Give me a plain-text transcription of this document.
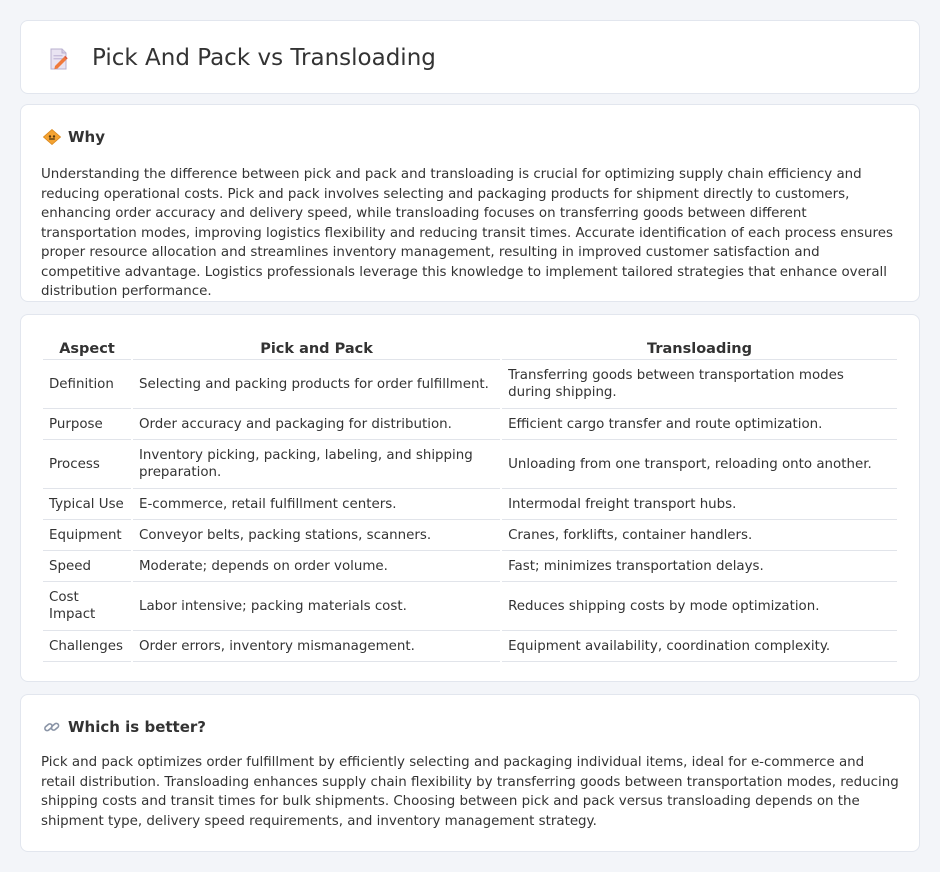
Pick And Pack vs Transloading
Why

Understanding the difference between pick and pack and transloading is crucial for optimizing supply chain efficiency and reducing operational costs. Pick and pack involves selecting and packaging products for shipment directly to customers, enhancing order accuracy and delivery speed, while transloading focuses on transferring goods between different transportation modes, improving logistics flexibility and reducing transit times. Accurate identification of each process ensures proper resource allocation and streamlines inventory management, resulting in improved customer satisfaction and competitive advantage. Logistics professionals leverage this knowledge to implement tailored strategies that enhance overall distribution performance.

Aspect	Pick and Pack	Transloading
Definition	Selecting and packing products for order fulfillment.	Transferring goods between transportation modes during shipping.
Purpose	Order accuracy and packaging for distribution.	Efficient cargo transfer and route optimization.
Process	Inventory picking, packing, labeling, and shipping preparation.	Unloading from one transport, reloading onto another.
Typical Use	E-commerce, retail fulfillment centers.	Intermodal freight transport hubs.
Equipment	Conveyor belts, packing stations, scanners.	Cranes, forklifts, container handlers.
Speed	Moderate; depends on order volume.	Fast; minimizes transportation delays.
Cost Impact	Labor intensive; packing materials cost.	Reduces shipping costs by mode optimization.
Challenges	Order errors, inventory mismanagement.	Equipment availability, coordination complexity.
Which is better?

Pick and pack optimizes order fulfillment by efficiently selecting and packaging individual items, ideal for e-commerce and retail distribution. Transloading enhances supply chain flexibility by transferring goods between transportation modes, reducing shipping costs and transit times for bulk shipments. Choosing between pick and pack versus transloading depends on the shipment type, delivery speed requirements, and inventory management strategy.
